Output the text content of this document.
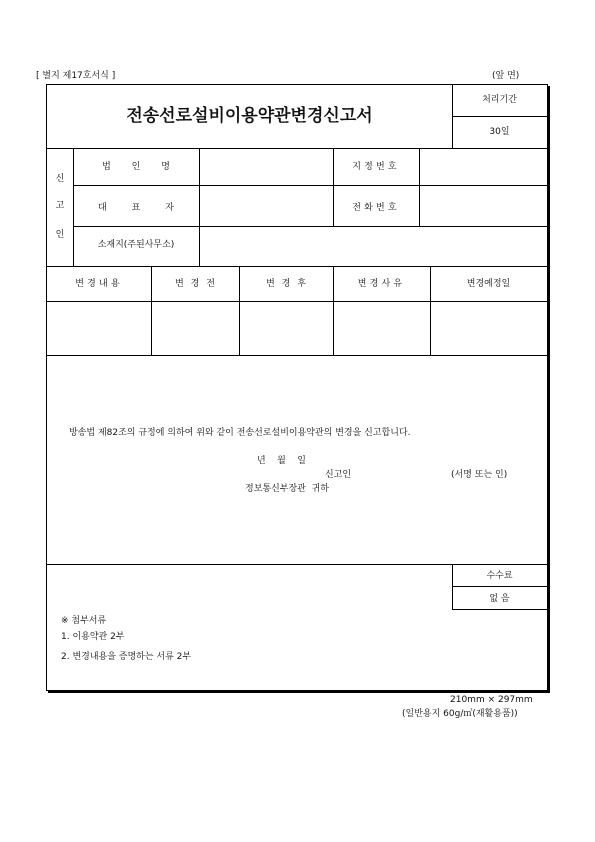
[ 별지 제17호서식 ]	(앞 면)
전송선로설비이용약관변경신고서
처리기간
30일
신
고
인
법 인 명	지정번호
대 표 자	전화번호
소재지(주된사무소)
변경내용	변 경 전	변 경 후	변경사유	변경예정일
방송법 제82조의 규정에 의하여 위와 같이 전송선로설비이용약관의 변경을 신고합니다.
년    월    일
신고인	(서명 또는 인)
정보통신부장관  귀하
수수료
없 음
※ 첨부서류
1. 이용약관 2부
2. 변경내용을 증명하는 서류 2부
210mm × 297mm
(일반용지 60g/㎡(재활용품))
